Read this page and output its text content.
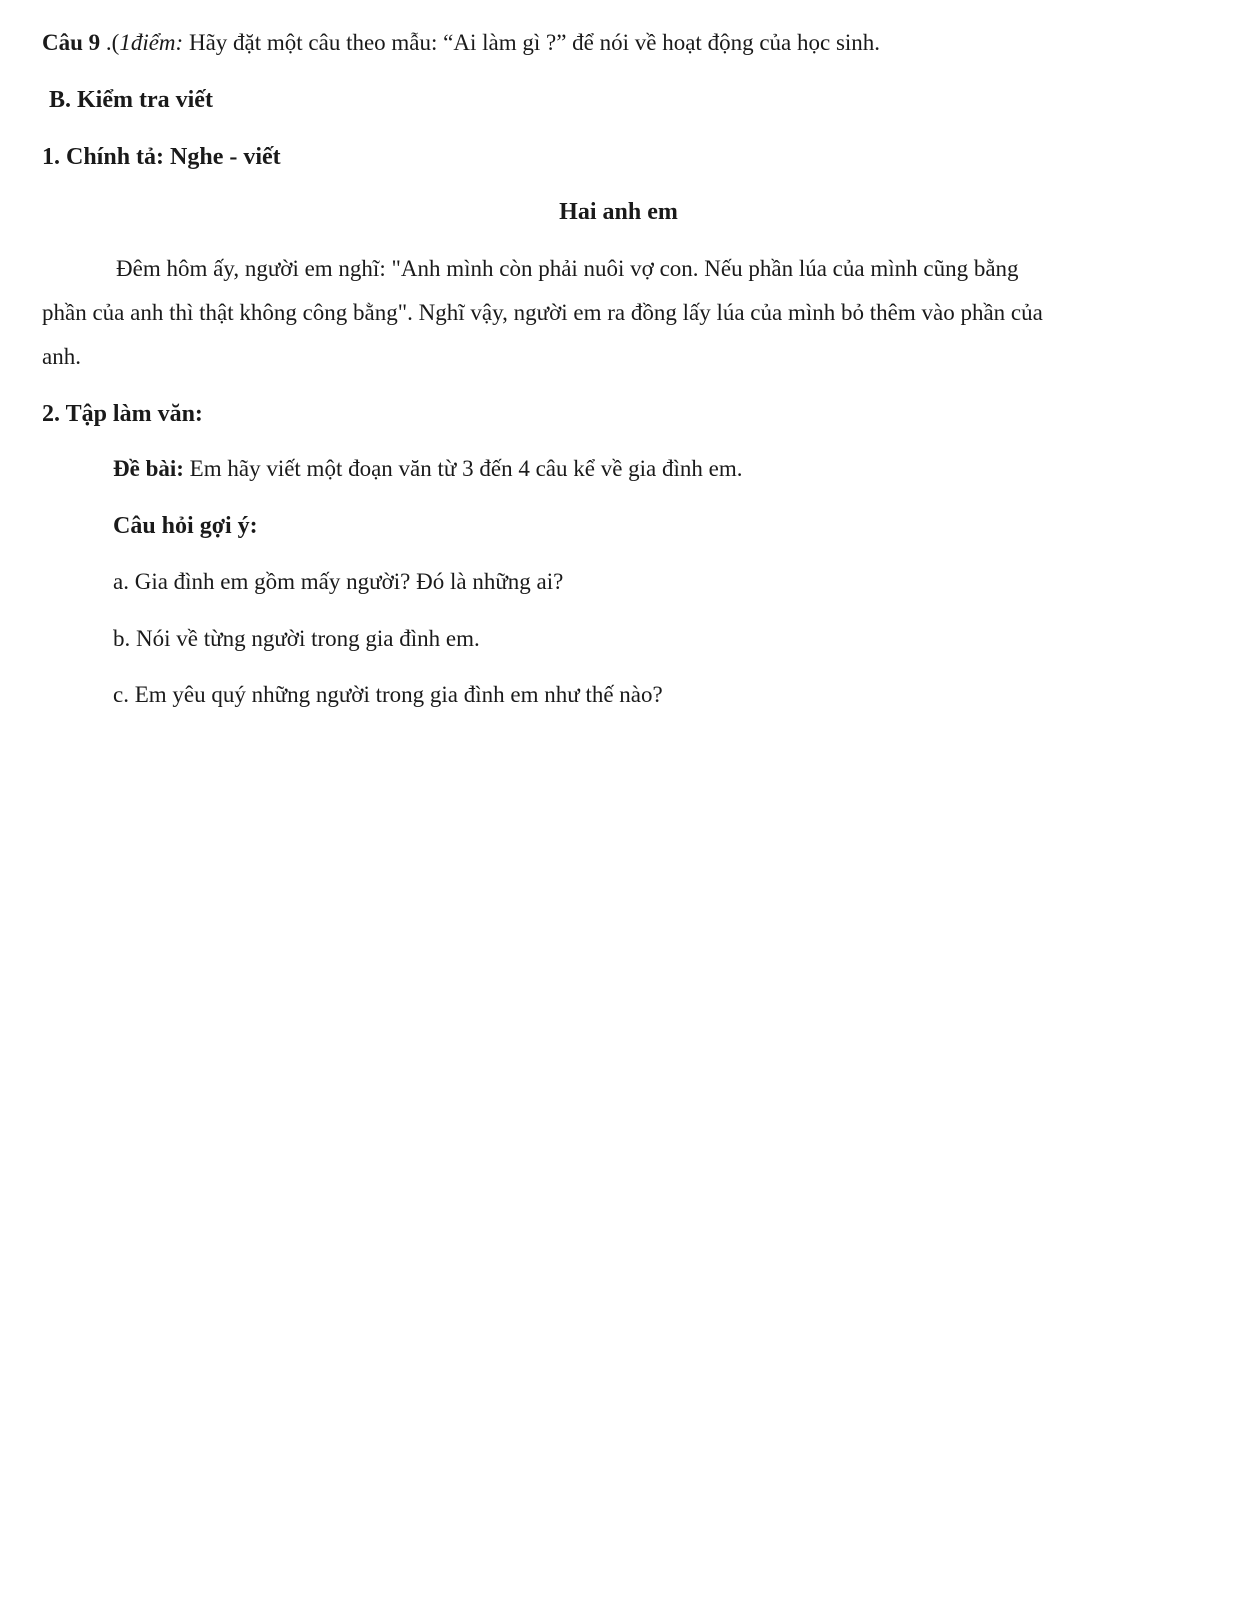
Câu 9 .(1điểm: Hãy đặt một câu theo mẫu: “Ai làm gì ?” để nói về hoạt động của học sinh.
B. Kiểm tra viết
1. Chính tả: Nghe - viết
Hai anh em
Đêm hôm ấy, người em nghĩ: "Anh mình còn phải nuôi vợ con. Nếu phần lúa của mình cũng bằng
phần của anh thì thật không công bằng". Nghĩ vậy, người em ra đồng lấy lúa của mình bỏ thêm vào phần của
anh.
2. Tập làm văn:
Đề bài: Em hãy viết một đoạn văn từ 3 đến 4 câu kể về gia đình em.
Câu hỏi gợi ý:
a. Gia đình em gồm mấy người? Đó là những ai?
b. Nói về từng người trong gia đình em.
c. Em yêu quý những người trong gia đình em như thế nào?
